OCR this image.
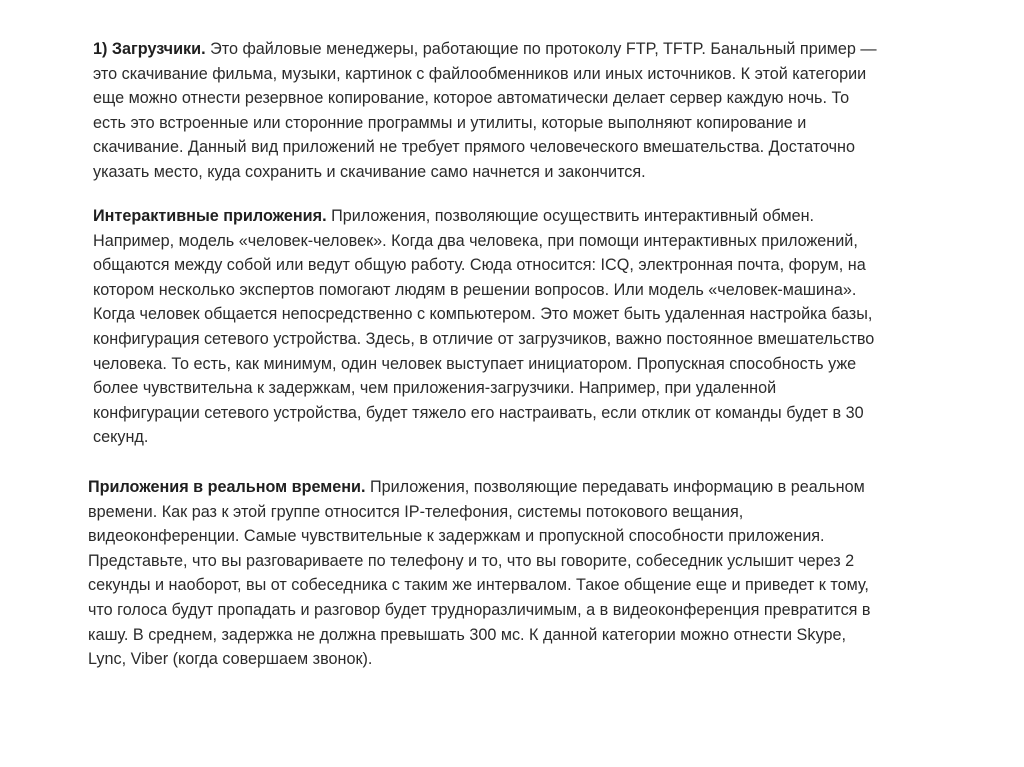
1) Загрузчики. Это файловые менеджеры, работающие по протоколу FTP, TFTP. Банальный пример —
это скачивание фильма, музыки, картинок с файлообменников или иных источников. К этой категории
еще можно отнести резервное копирование, которое автоматически делает сервер каждую ночь. То
есть это встроенные или сторонние программы и утилиты, которые выполняют копирование и
скачивание. Данный вид приложений не требует прямого человеческого вмешательства. Достаточно
указать место, куда сохранить и скачивание само начнется и закончится.

Интерактивные приложения. Приложения, позволяющие осуществить интерактивный обмен.
Например, модель «человек-человек». Когда два человека, при помощи интерактивных приложений,
общаются между собой или ведут общую работу. Сюда относится: ICQ, электронная почта, форум, на
котором несколько экспертов помогают людям в решении вопросов. Или модель «человек-машина».
Когда человек общается непосредственно с компьютером. Это может быть удаленная настройка базы,
конфигурация сетевого устройства. Здесь, в отличие от загрузчиков, важно постоянное вмешательство
человека. То есть, как минимум, один человек выступает инициатором. Пропускная способность уже
более чувствительна к задержкам, чем приложения-загрузчики. Например, при удаленной
конфигурации сетевого устройства, будет тяжело его настраивать, если отклик от команды будет в 30
секунд.

Приложения в реальном времени. Приложения, позволяющие передавать информацию в реальном
времени. Как раз к этой группе относится IP-телефония, системы потокового вещания,
видеоконференции. Самые чувствительные к задержкам и пропускной способности приложения.
Представьте, что вы разговариваете по телефону и то, что вы говорите, собеседник услышит через 2
секунды и наоборот, вы от собеседника с таким же интервалом. Такое общение еще и приведет к тому,
что голоса будут пропадать и разговор будет трудноразличимым, а в видеоконференция превратится в
кашу. В среднем, задержка не должна превышать 300 мс. К данной категории можно отнести Skype,
Lync, Viber (когда совершаем звонок).
